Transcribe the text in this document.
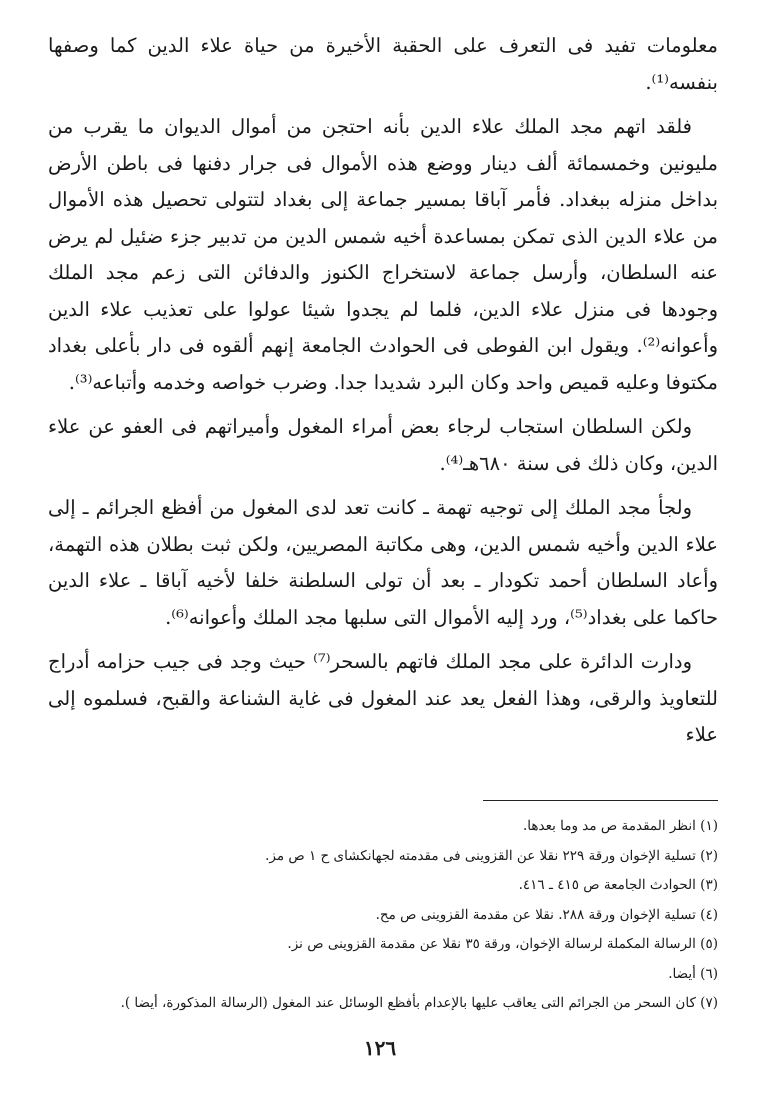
معلومات تفيد فى التعرف على الحقبة الأخيرة من حياة علاء الدين كما وصفها بنفسه⁽¹⁾.

فلقد اتهم مجد الملك علاء الدين بأنه احتجن من أموال الديوان ما يقرب من مليونين وخمسمائة ألف دينار ووضع هذه الأموال فى جرار دفنها فى باطن الأرض بداخل منزله ببغداد. فأمر آباقا بمسير جماعة إلى بغداد لتتولى تحصيل هذه الأموال من علاء الدين الذى تمكن بمساعدة أخيه شمس الدين من تدبير جزء ضئيل لم يرض عنه السلطان، وأرسل جماعة لاستخراج الكنوز والدفائن التى زعم مجد الملك وجودها فى منزل علاء الدين، فلما لم يجدوا شيئا عولوا على تعذيب علاء الدين وأعوانه⁽²⁾. ويقول ابن الفوطى فى الحوادث الجامعة إنهم ألقوه فى دار بأعلى بغداد مكتوفا وعليه قميص واحد وكان البرد شديدا جدا. وضرب خواصه وخدمه وأتباعه⁽³⁾.

ولكن السلطان استجاب لرجاء بعض أمراء المغول وأميراتهم فى العفو عن علاء الدين، وكان ذلك فى سنة ٦٨٠هـ⁽⁴⁾.

ولجأ مجد الملك إلى توجيه تهمة ـ كانت تعد لدى المغول من أفظع الجرائم ـ إلى علاء الدين وأخيه شمس الدين، وهى مكاتبة المصريين، ولكن ثبت بطلان هذه التهمة، وأعاد السلطان أحمد تكودار ـ بعد أن تولى السلطنة خلفا لأخيه آباقا ـ علاء الدين حاكما على بغداد⁽⁵⁾، ورد إليه الأموال التى سلبها مجد الملك وأعوانه⁽⁶⁾.

ودارت الدائرة على مجد الملك فاتهم بالسحر⁽⁷⁾ حيث وجد فى جيب حزامه أدراج للتعاويذ والرقى، وهذا الفعل يعد عند المغول فى غاية الشناعة والقبح، فسلموه إلى علاء

(١) انظر المقدمة ص مد وما بعدها.
(٢) تسلية الإخوان ورقة ٢٢٩ نقلا عن القزوينى فى مقدمته لجهانكشاى ح ١ ص مز.
(٣) الحوادث الجامعة ص ٤١٥ ـ ٤١٦.
(٤) تسلية الإخوان ورقة ٢٨٨. نقلا عن مقدمة القزوينى ص مح.
(٥) الرسالة المكملة لرسالة الإخوان، ورقة ٣٥ نقلا عن مقدمة القزوينى ص نز.
(٦) أيضا.
(٧) كان السحر من الجرائم التى يعاقب عليها بالإعدام بأفظع الوسائل عند المغول (الرسالة المذكورة، أيضا ).
١٢٦
